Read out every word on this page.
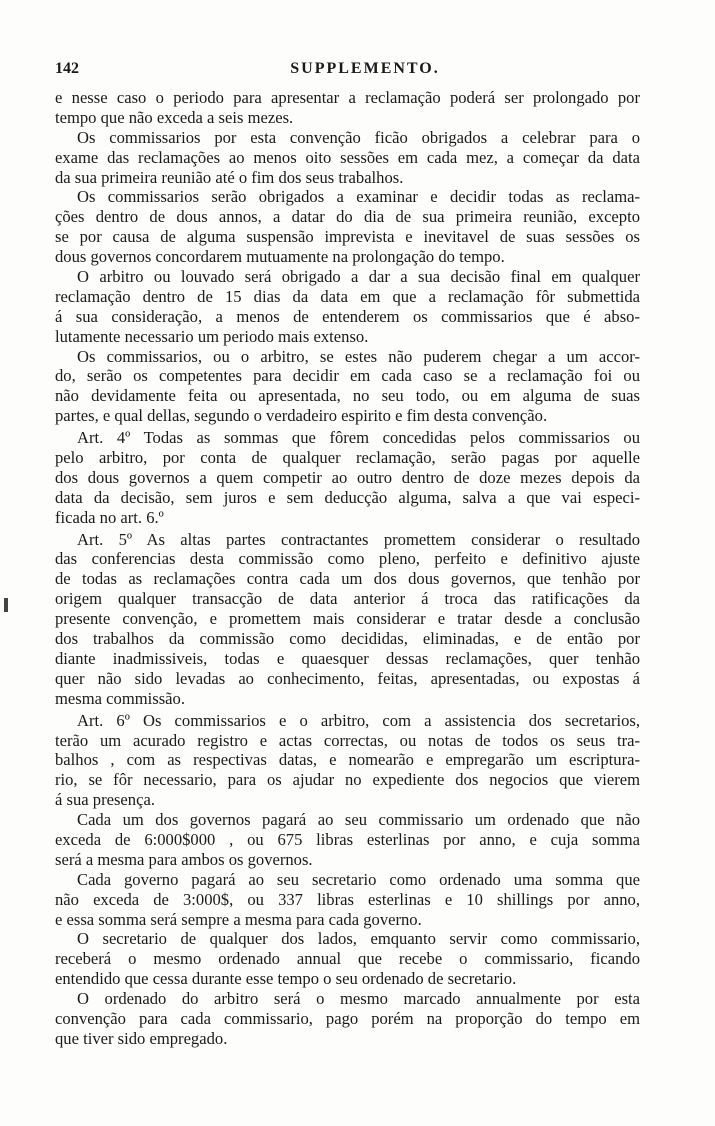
142	SUPPLEMENTO.
e nesse caso o periodo para apresentar a reclamação poderá ser prolongado por
tempo que não exceda a seis mezes.
Os commissarios por esta convenção ficão obrigados a celebrar para o
exame das reclamações ao menos oito sessões em cada mez, a começar da data
da sua primeira reunião até o fim dos seus trabalhos.
Os commissarios serão obrigados a examinar e decidir todas as reclama-
ções dentro de dous annos, a datar do dia de sua primeira reunião, excepto
se por causa de alguma suspensão imprevista e inevitavel de suas sessões os
dous governos concordarem mutuamente na prolongação do tempo.
O arbitro ou louvado será obrigado a dar a sua decisão final em qualquer
reclamação dentro de 15 dias da data em que a reclamação fôr submettida
á sua consideração, a menos de entenderem os commissarios que é abso-
lutamente necessario um periodo mais extenso.
Os commissarios, ou o arbitro, se estes não puderem chegar a um accor-
do, serão os competentes para decidir em cada caso se a reclamação foi ou
não devidamente feita ou apresentada, no seu todo, ou em alguma de suas
partes, e qual dellas, segundo o verdadeiro espirito e fim desta convenção.
Art. 4º Todas as sommas que fôrem concedidas pelos commissarios ou
pelo arbitro, por conta de qualquer reclamação, serão pagas por aquelle
dos dous governos a quem competir ao outro dentro de doze mezes depois da
data da decisão, sem juros e sem deducção alguma, salva a que vai especi-
ficada no art. 6.º
Art. 5º As altas partes contractantes promettem considerar o resultado
das conferencias desta commissão como pleno, perfeito e definitivo ajuste
de todas as reclamações contra cada um dos dous governos, que tenhão por
origem qualquer transacção de data anterior á troca das ratificações da
presente convenção, e promettem mais considerar e tratar desde a conclusão
dos trabalhos da commissão como decididas, eliminadas, e de então por
diante inadmissiveis, todas e quaesquer dessas reclamações, quer tenhão
quer não sido levadas ao conhecimento, feitas, apresentadas, ou expostas á
mesma commissão.
Art. 6º Os commissarios e o arbitro, com a assistencia dos secretarios,
terão um acurado registro e actas correctas, ou notas de todos os seus tra-
balhos , com as respectivas datas, e nomearão e empregarão um escriptura-
rio, se fôr necessario, para os ajudar no expediente dos negocios que vierem
á sua presença.
Cada um dos governos pagará ao seu commissario um ordenado que não
exceda de 6:000$000 , ou 675 libras esterlinas por anno, e cuja somma
será a mesma para ambos os governos.
Cada governo pagará ao seu secretario como ordenado uma somma que
não exceda de 3:000$, ou 337 libras esterlinas e 10 shillings por anno,
e essa somma será sempre a mesma para cada governo.
O secretario de qualquer dos lados, emquanto servir como commissario,
receberá o mesmo ordenado annual que recebe o commissario, ficando
entendido que cessa durante esse tempo o seu ordenado de secretario.
O ordenado do arbitro será o mesmo marcado annualmente por esta
convenção para cada commissario, pago porém na proporção do tempo em
que tiver sido empregado.
